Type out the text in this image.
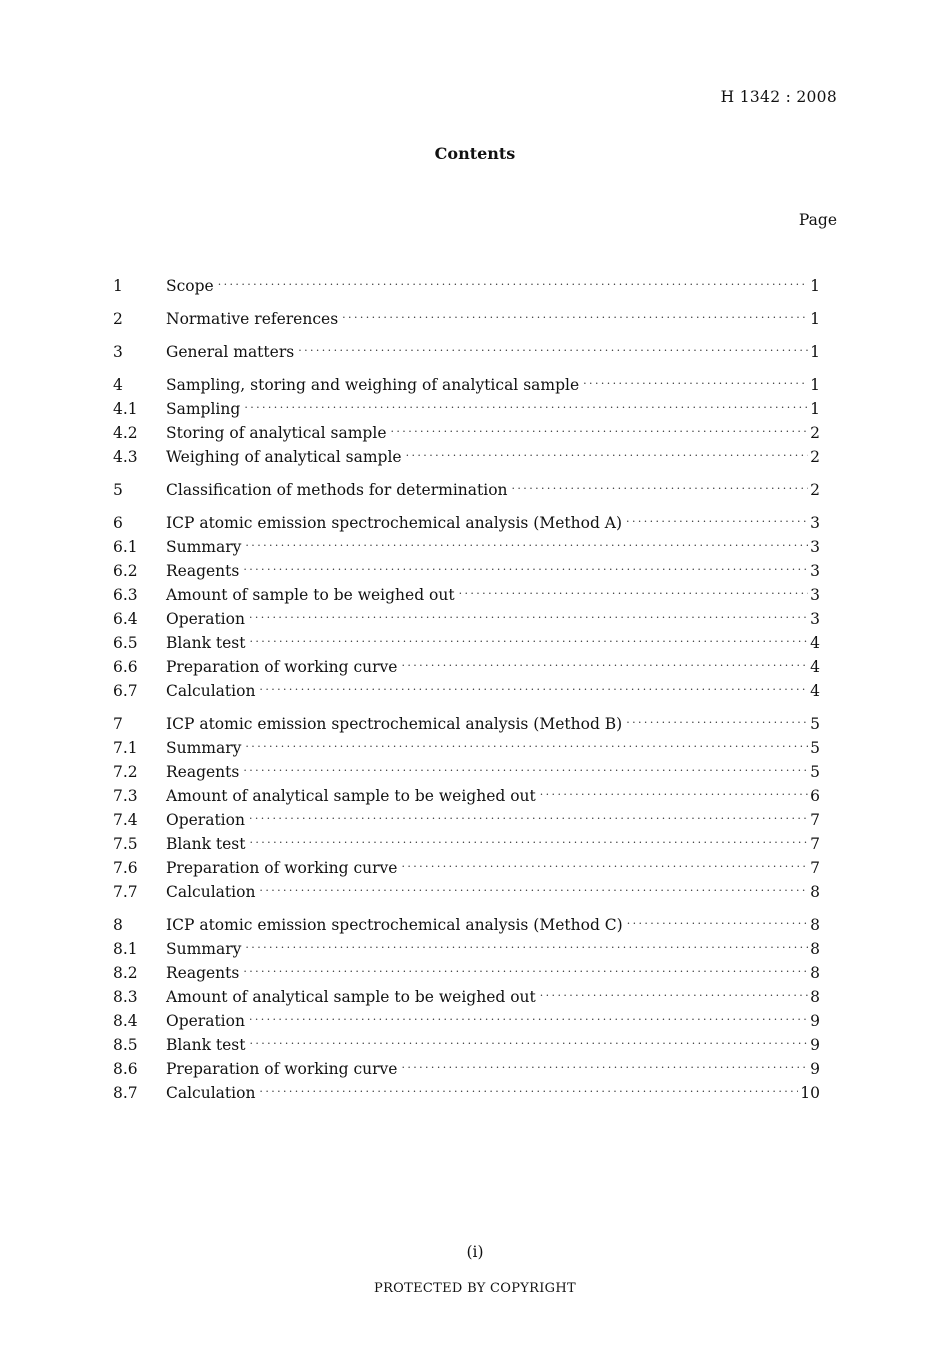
H 1342 : 2008
Contents
Page
1	Scope ·····	1
2	Normative references ·····	1
3	General matters ·····	1
4	Sampling, storing and weighing of analytical sample ·····	1
4.1	Sampling ·····	1
4.2	Storing of analytical sample ·····	2
4.3	Weighing of analytical sample ·····	2
5	Classification of methods for determination ·····	2
6	ICP atomic emission spectrochemical analysis (Method A) ·····	3
6.1	Summary ·····	3
6.2	Reagents ·····	3
6.3	Amount of sample to be weighed out ·····	3
6.4	Operation ·····	3
6.5	Blank test ·····	4
6.6	Preparation of working curve ·····	4
6.7	Calculation ·····	4
7	ICP atomic emission spectrochemical analysis (Method B) ·····	5
7.1	Summary ·····	5
7.2	Reagents ·····	5
7.3	Amount of analytical sample to be weighed out ·····	6
7.4	Operation ·····	7
7.5	Blank test ·····	7
7.6	Preparation of working curve ·····	7
7.7	Calculation ·····	8
8	ICP atomic emission spectrochemical analysis (Method C) ·····	8
8.1	Summary ·····	8
8.2	Reagents ·····	8
8.3	Amount of analytical sample to be weighed out ·····	8
8.4	Operation ·····	9
8.5	Blank test ·····	9
8.6	Preparation of working curve ·····	9
8.7	Calculation ·····	10
(i)
PROTECTED BY COPYRIGHT
